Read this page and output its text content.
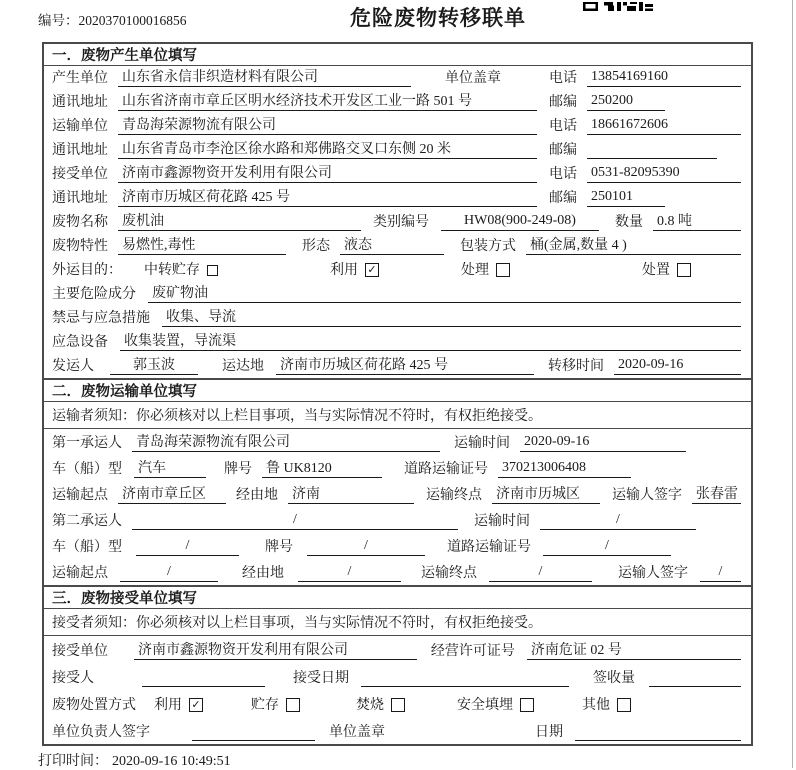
编号：2020370100016856	危险废物转移联单
一．废物产生单位填写
产生单位 山东省永信非织造材料有限公司	单位盖章	电话 13854169160
通讯地址 山东省济南市章丘区明水经济技术开发区工业一路 501 号	邮编 250200
运输单位 青岛海荣源物流有限公司	电话 18661672606
通讯地址 山东省青岛市李沧区徐水路和郑佛路交叉口东侧 20 米	邮编
接受单位 济南市鑫源物资开发利用有限公司	电话 0531-82095390
通讯地址 济南市历城区荷花路 425 号	邮编 250101
废物名称 废机油	类别编号	HW08(900-249-08)	数量 0.8 吨
废物特性 易燃性,毒性	形态 液态	包装方式 桶(金属,数量 4 )
外运目的： 中转贮存	利用 ✓	处理	处置
主要危险成分 废矿物油
禁忌与应急措施 收集、导流
应急设备 收集装置，导流渠
发运人	郭玉波	运达地 济南市历城区荷花路 425 号	转移时间 2020-09-16
二．废物运输单位填写
运输者须知：你必须核对以上栏目事项，当与实际情况不符时，有权拒绝接受。
第一承运人 青岛海荣源物流有限公司	运输时间 2020-09-16
车（船）型 汽车	牌号 鲁 UK8120	道路运输证号 370213006408
运输起点 济南市章丘区	经由地 济南	运输终点 济南市历城区	运输人签字 张春雷
第二承运人	/	运输时间	/
车（船）型	/	牌号	/	道路运输证号	/
运输起点	/	经由地	/	运输终点	/	运输人签字	/
三．废物接受单位填写
接受者须知：你必须核对以上栏目事项，当与实际情况不符时，有权拒绝接受。
接受单位 济南市鑫源物资开发利用有限公司	经营许可证号 济南危证 02 号
接受人	接受日期	签收量
废物处置方式 利用 ✓	贮存	焚烧	安全填埋	其他
单位负责人签字	单位盖章	日期
打印时间： 2020-09-16 10:49:51
